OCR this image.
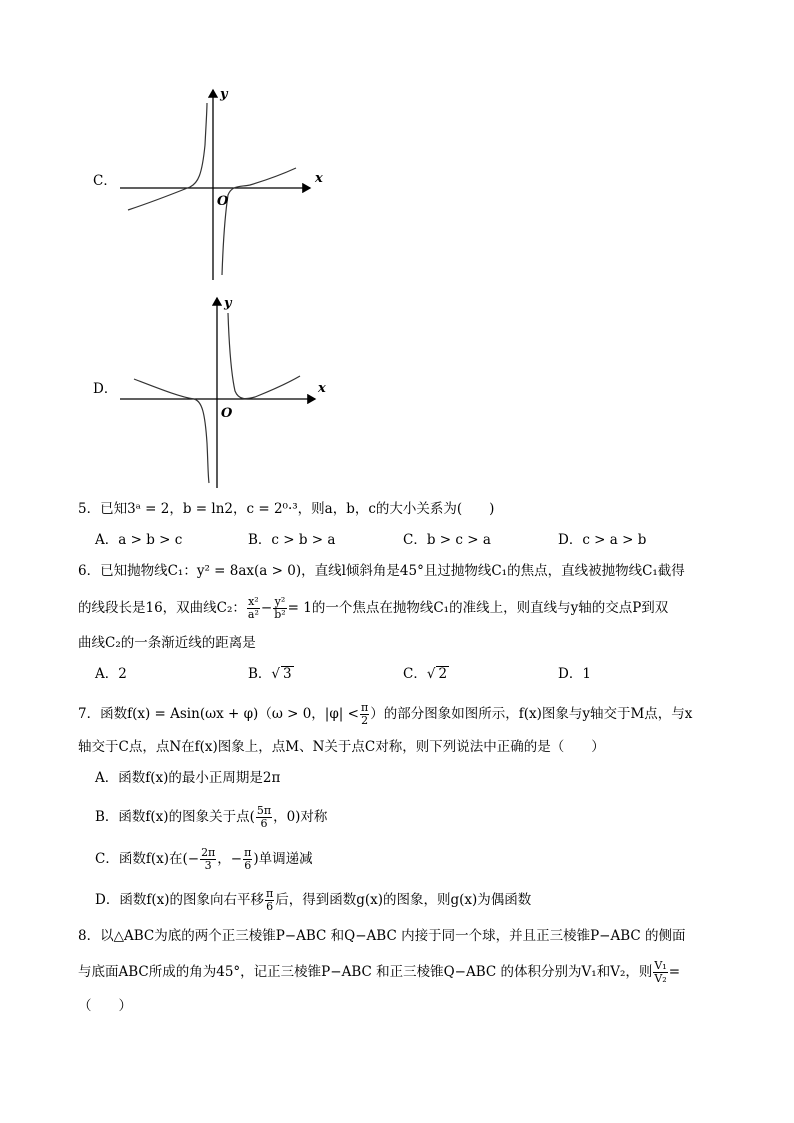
C．	x
y
O
D．	x
y
O
5．已知3ᵃ = 2，b = ln2，c = 2⁰·³，则a，b，c的大小关系为(　　)
A．a > b > c	B．c > b > a	C．b > c > a	D．c > a > b
6．已知抛物线C₁：y² = 8ax(a > 0)，直线l倾斜角是45°且过抛物线C₁的焦点，直线被抛物线C₁截得
的线段长是16，双曲线C₂： $\frac{\text{x²}}{\text{a²}} - \frac{\text{y²}}{\text{b²}} = 1$的一个焦点在抛物线C₁的准线上，则直线与y轴的交点P到双
曲线C₂的一条渐近线的距离是
A．2	B．√ 3	C．√ 2	D．1
7．函数f(x) = Asin(ωx + φ)（ω > 0，$|\varphi| < \frac{\pi}{2}$ ）的部分图象如图所示，f(x)图象与y轴交于M点，与x
轴交于C点，点N在f(x)图象上，点M、N关于点C对称，则下列说法中正确的是（　　）
A．函数f(x)的最小正周期是2π
B．函数f(x)的图象关于点( $\frac{5\pi}{6}$ ，0)对称
C．函数f(x)在(− $\frac{2\pi}{3}$ ，− $\frac{\pi}{6}$ )单调递减
D．函数f(x)的图象向右平移 $\frac{\pi}{6}$ 后，得到函数g(x)的图象，则g(x)为偶函数
8．以△ABC为底的两个正三棱锥P−ABC 和Q−ABC 内接于同一个球，并且正三棱锥P−ABC 的侧面
与底面ABC所成的角为45°，记正三棱锥P−ABC 和正三棱锥Q−ABC 的体积分别为V₁和V₂，则 $\frac{\text{V₁}}{\text{V₂}}$ =
（　　）
